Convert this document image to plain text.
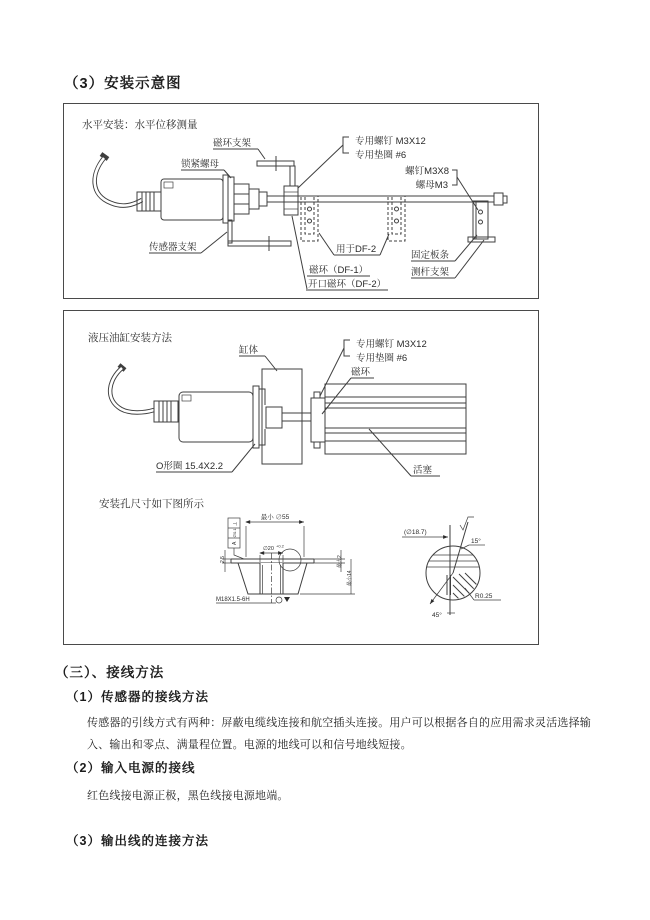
（3）安装示意图
水平安装：水平位移测量
磁环支架
锁紧螺母
专用螺钉 M3X12
专用垫圈 #6
螺钉M3X8
螺母M3
传感器支架	用于DF-2
磁环（DF-1）
开口磁环（DF-2）
固定板条
测杆支架
液压油缸安装方法
缸体
专用螺钉 M3X12
专用垫圈 #6
磁环
O形圈 15.4X2.2	活塞
安装孔尺寸如下图所示
⊥
∅0.1
A
最小 ∅55
∅20 +0.2
2.5	最大2
最小14
M18X1.5-6H
(∅18.7)
15°
45°
R0.25
（三）、接线方法
（1）传感器的接线方法
传感器的引线方式有两种：屏蔽电缆线连接和航空插头连接。用户可以根据各自的应用需求灵活选择输
入、输出和零点、满量程位置。电源的地线可以和信号地线短接。
（2）输入电源的接线
红色线接电源正极，黑色线接电源地端。
（3）输出线的连接方法
